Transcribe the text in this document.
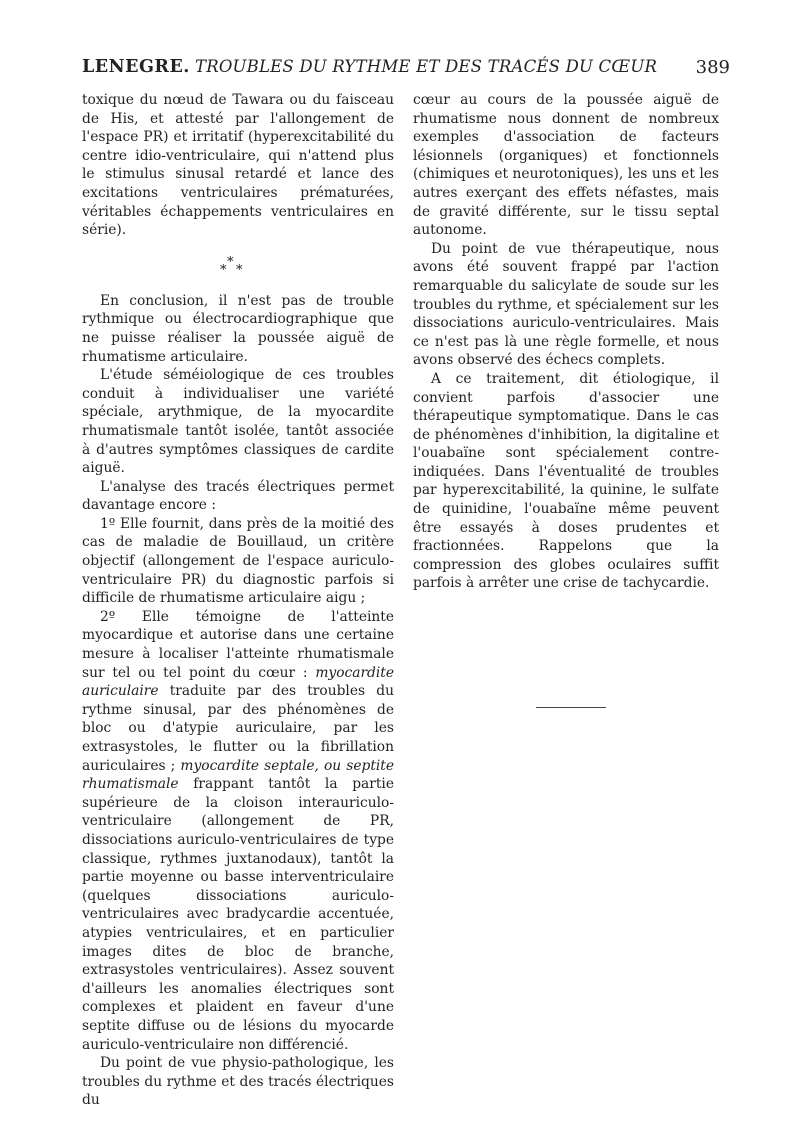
LENEGRE. TROUBLES DU RYTHME ET DES TRACÉS DU CŒUR 389

toxique du nœud de Tawara ou du faisceau de His, et attesté par l'allongement de l'espace PR) et irritatif (hyperexcitabilité du centre idio-ventriculaire, qui n'attend plus le stimulus sinusal retardé et lance des excitations ventriculaires prématurées, véritables échappements ventriculaires en série).

*
* *

En conclusion, il n'est pas de trouble rythmique ou électrocardiographique que ne puisse réaliser la poussée aiguë de rhumatisme articulaire.

L'étude séméiologique de ces troubles conduit à individualiser une variété spéciale, arythmique, de la myocardite rhumatismale tantôt isolée, tantôt associée à d'autres symptômes classiques de cardite aiguë.

L'analyse des tracés électriques permet davantage encore :

1º Elle fournit, dans près de la moitié des cas de maladie de Bouillaud, un critère objectif (allongement de l'espace auriculo-ventriculaire PR) du diagnostic parfois si difficile de rhumatisme articulaire aigu ;

2º Elle témoigne de l'atteinte myocardique et autorise dans une certaine mesure à localiser l'atteinte rhumatismale sur tel ou tel point du cœur : myocardite auriculaire traduite par des troubles du rythme sinusal, par des phénomènes de bloc ou d'atypie auriculaire, par les extrasystoles, le flutter ou la fibrillation auriculaires ; myocardite septale, ou septite rhumatismale frappant tantôt la partie supérieure de la cloison interauriculo-ventriculaire (allongement de PR, dissociations auriculo-ventriculaires de type classique, rythmes juxtanodaux), tantôt la partie moyenne ou basse interventriculaire (quelques dissociations auriculo-ventriculaires avec bradycardie accentuée, atypies ventriculaires, et en particulier images dites de bloc de branche, extrasystoles ventriculaires). Assez souvent d'ailleurs les anomalies électriques sont complexes et plaident en faveur d'une septite diffuse ou de lésions du myocarde auriculo-ventriculaire non différencié.

Du point de vue physio-pathologique, les troubles du rythme et des tracés électriques du

cœur au cours de la poussée aiguë de rhumatisme nous donnent de nombreux exemples d'association de facteurs lésionnels (organiques) et fonctionnels (chimiques et neurotoniques), les uns et les autres exerçant des effets néfastes, mais de gravité différente, sur le tissu septal autonome.

Du point de vue thérapeutique, nous avons été souvent frappé par l'action remarquable du salicylate de soude sur les troubles du rythme, et spécialement sur les dissociations auriculo-ventriculaires. Mais ce n'est pas là une règle formelle, et nous avons observé des échecs complets.

A ce traitement, dit étiologique, il convient parfois d'associer une thérapeutique symptomatique. Dans le cas de phénomènes d'inhibition, la digitaline et l'ouabaïne sont spécialement contre-indiquées. Dans l'éventualité de troubles par hyperexcitabilité, la quinine, le sulfate de quinidine, l'ouabaïne même peuvent être essayés à doses prudentes et fractionnées. Rappelons que la compression des globes oculaires suffit parfois à arrêter une crise de tachycardie.
